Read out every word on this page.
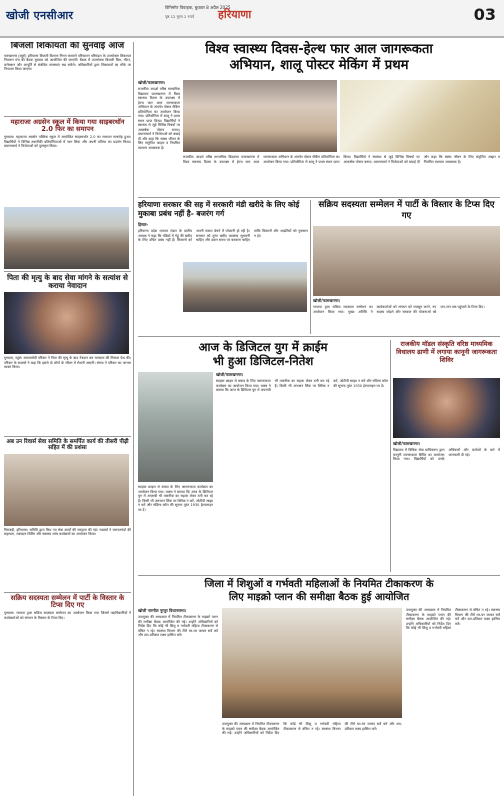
खोजी एनसीआर
विनिर्माण विवाहक, बुधवार 8 अप्रैल 2025
पृष्ठ 12 मूल्य 2 रुपये हरियाणा	03
बिजली शिकायतों की सुनवाई आज
फरुखनगर (ब्यूरो) हरियाणा बिजली वितरण निगम करवाने परिचालन परिमंडल के उपभोक्ता शिकायत निवारण मंच की बैठक बुधवार को आयोजित की जाएगी। बैठक में उपभोक्ता बिजली बिल, मीटर, कनेक्शन और आपूर्ति से संबंधित समस्याएं रख सकेंगे। अधिकारियों द्वारा शिकायतों का मौके पर निपटारा किया जाएगा।
महाराजा अग्रसेन स्कूल में किया गया साइबरथॉन 2.0 फिर का समापन
गुरुग्राम। महाराजा अग्रसेन पब्लिक स्कूल में आयोजित साइबरथॉन 2.0 का समापन समारोह हुआ। विद्यार्थियों ने विभिन्न तकनीकी प्रतियोगिताओं में भाग लिया और अपनी प्रतिभा का प्रदर्शन किया। प्रधानाचार्य ने विजेताओं को पुरस्कृत किया।
पिता की मृत्यु के बाद सेवा मांगने के सत्यांश से कराया नेवादान
गुरुग्राम, ब्यूरो। समाजसेवी परिवार ने पिता की मृत्यु के बाद नेत्रदान कर मानवता की मिसाल पेश की। परिवार के सदस्यों ने कहा कि इससे दो लोगों के जीवन में रोशनी आएगी। संस्था ने परिवार का आभार व्यक्त किया।
अब उन रिवार्स सेवा समिति के समर्पित कार्य की तीसरी पीढ़ी सहित में की प्रशंसा
गिराबड़ी, हरियाणा। समिति द्वारा किए गए सेवा कार्यों की सराहना की गई। सदस्यों ने जरूरतमंदों की सहायता, रक्तदान शिविर और स्वास्थ्य जांच कार्यक्रमों का आयोजन किया।
सक्रिय सदस्यता सम्मेलन में पार्टी के विस्तार के टिप्स दिए गए
गुरुग्राम। भाजपा द्वारा सक्रिय सदस्यता सम्मेलन का आयोजन किया गया जिसमें पदाधिकारियों ने कार्यकर्ताओं को संगठन के विस्तार के टिप्स दिए।
विश्व स्वास्थ्य दिवस-हेल्थ फार आल जागरूकता
अभियान, शालू पोस्टर मेकिंग में प्रथम
खोजी/फारुखनगर।
राजकीय आदर्श वरिष्ठ माध्यमिक विद्यालय फारुखनगर में विश्व स्वास्थ्य दिवस के उपलक्ष्य में हेल्थ फार आल जागरूकता अभियान के अंतर्गत पोस्टर मेकिंग प्रतियोगिता का आयोजन किया गया। प्रतियोगिता में शालू ने प्रथम स्थान प्राप्त किया। विद्यार्थियों ने स्वास्थ्य से जुड़े विभिन्न विषयों पर आकर्षक पोस्टर बनाए। प्रधानाचार्य ने विजेताओं को बधाई दी और कहा कि स्वस्थ जीवन के लिए संतुलित आहार व नियमित व्यायाम आवश्यक है।
राजकीय आदर्श वरिष्ठ माध्यमिक विद्यालय फारुखनगर में विश्व स्वास्थ्य दिवस के उपलक्ष्य में हेल्थ फार आल जागरूकता अभियान के अंतर्गत पोस्टर मेकिंग प्रतियोगिता का आयोजन किया गया। प्रतियोगिता में शालू ने प्रथम स्थान प्राप्त किया। विद्यार्थियों ने स्वास्थ्य से जुड़े विभिन्न विषयों पर आकर्षक पोस्टर बनाए। प्रधानाचार्य ने विजेताओं को बधाई दी और कहा कि स्वस्थ जीवन के लिए संतुलित आहार व नियमित व्यायाम आवश्यक है।
हरियाणा सरकार की सह में सरकारी मंडी खरीदे के लिए कोई मुकाबा प्रबंध नहीं है- बजरंग गर्ग
हिसार-
हरियाणा प्रदेश व्यापार मंडल के प्रांतीय अध्यक्ष ने कहा कि मंडियों में गेहूं की खरीद के लिए उचित प्रबंध नहीं हैं। किसानों को अपनी फसल बेचने में परेशानी हो रही है। सरकार को तुरंत खरीद व्यवस्था सुधारनी चाहिए और उठान समय पर करवाना चाहिए ताकि किसानों और आढ़तियों को नुकसान न हो।
सक्रिय सदस्यता सम्मेलन में पार्टी के विस्तार के टिप्स दिए गए
खोजी/फारुखनगर।
भाजपा द्वारा सक्रिय सदस्यता सम्मेलन का आयोजन किया गया। मुख्य अतिथि ने कार्यकर्ताओं को संगठन को मजबूत करने, नए सदस्य जोड़ने और सरकार की योजनाओं को जन-जन तक पहुंचाने के टिप्स दिए।
आज के डिजिटल युग में क्राईम
भी हुआ डिजिटल-नितेश
खोजी/फारुखनगर।
साइबर क्राइम से बचाव के लिए जागरूकता कार्यक्रम का आयोजन किया गया। वक्ता ने बताया कि आज के डिजिटल युग में अपराधी भी तकनीक का सहारा लेकर ठगी कर रहे हैं। किसी भी अनजान लिंक पर क्लिक न करें, ओटीपी साझा न करें और संदिग्ध कॉल की सूचना तुरंत 1930 हेल्पलाइन पर दें।
साइबर क्राइम से बचाव के लिए जागरूकता कार्यक्रम का आयोजन किया गया। वक्ता ने बताया कि आज के डिजिटल युग में अपराधी भी तकनीक का सहारा लेकर ठगी कर रहे हैं। किसी भी अनजान लिंक पर क्लिक न करें, ओटीपी साझा न करें और संदिग्ध कॉल की सूचना तुरंत 1930 हेल्पलाइन पर दें।
राजकीय मॉडल संस्कृति वरिष्ठ माध्यमिक विधालय ढाणी में लगाया कानूनी जागरूकता शिविर
खोजी/फारुखनगर।
विद्यालय में विधिक सेवा प्राधिकरण द्वारा कानूनी जागरूकता शिविर का आयोजन किया गया। विद्यार्थियों को उनके अधिकारों और कर्तव्यों के बारे में जानकारी दी गई।
जिला में शिशुओं व गर्भवती महिलाओं के नियमित टीकाकरण के
लिए माइक्रो प्लान की समीक्षा बैठक हुई आयोजित
खोजी नारनौल नूरपुर विधानसभा।
उपायुक्त की अध्यक्षता में नियमित टीकाकरण के माइक्रो प्लान की समीक्षा बैठक आयोजित की गई। उन्होंने अधिकारियों को निर्देश दिए कि कोई भी शिशु व गर्भवती महिला टीकाकरण से वंचित न रहे। स्वास्थ्य विभाग की टीमें घर-घर जाकर सर्वे करें और शत-प्रतिशत लक्ष्य हासिल करें।
उपायुक्त की अध्यक्षता में नियमित टीकाकरण के माइक्रो प्लान की समीक्षा बैठक आयोजित की गई। उन्होंने अधिकारियों को निर्देश दिए कि कोई भी शिशु व गर्भवती महिला टीकाकरण से वंचित न रहे। स्वास्थ्य विभाग की टीमें घर-घर जाकर सर्वे करें और शत-प्रतिशत लक्ष्य हासिल करें।
उपायुक्त की अध्यक्षता में नियमित टीकाकरण के माइक्रो प्लान की समीक्षा बैठक आयोजित की गई। उन्होंने अधिकारियों को निर्देश दिए कि कोई भी शिशु व गर्भवती महिला टीकाकरण से वंचित न रहे। स्वास्थ्य विभाग की टीमें घर-घर जाकर सर्वे करें और शत-प्रतिशत लक्ष्य हासिल करें।
